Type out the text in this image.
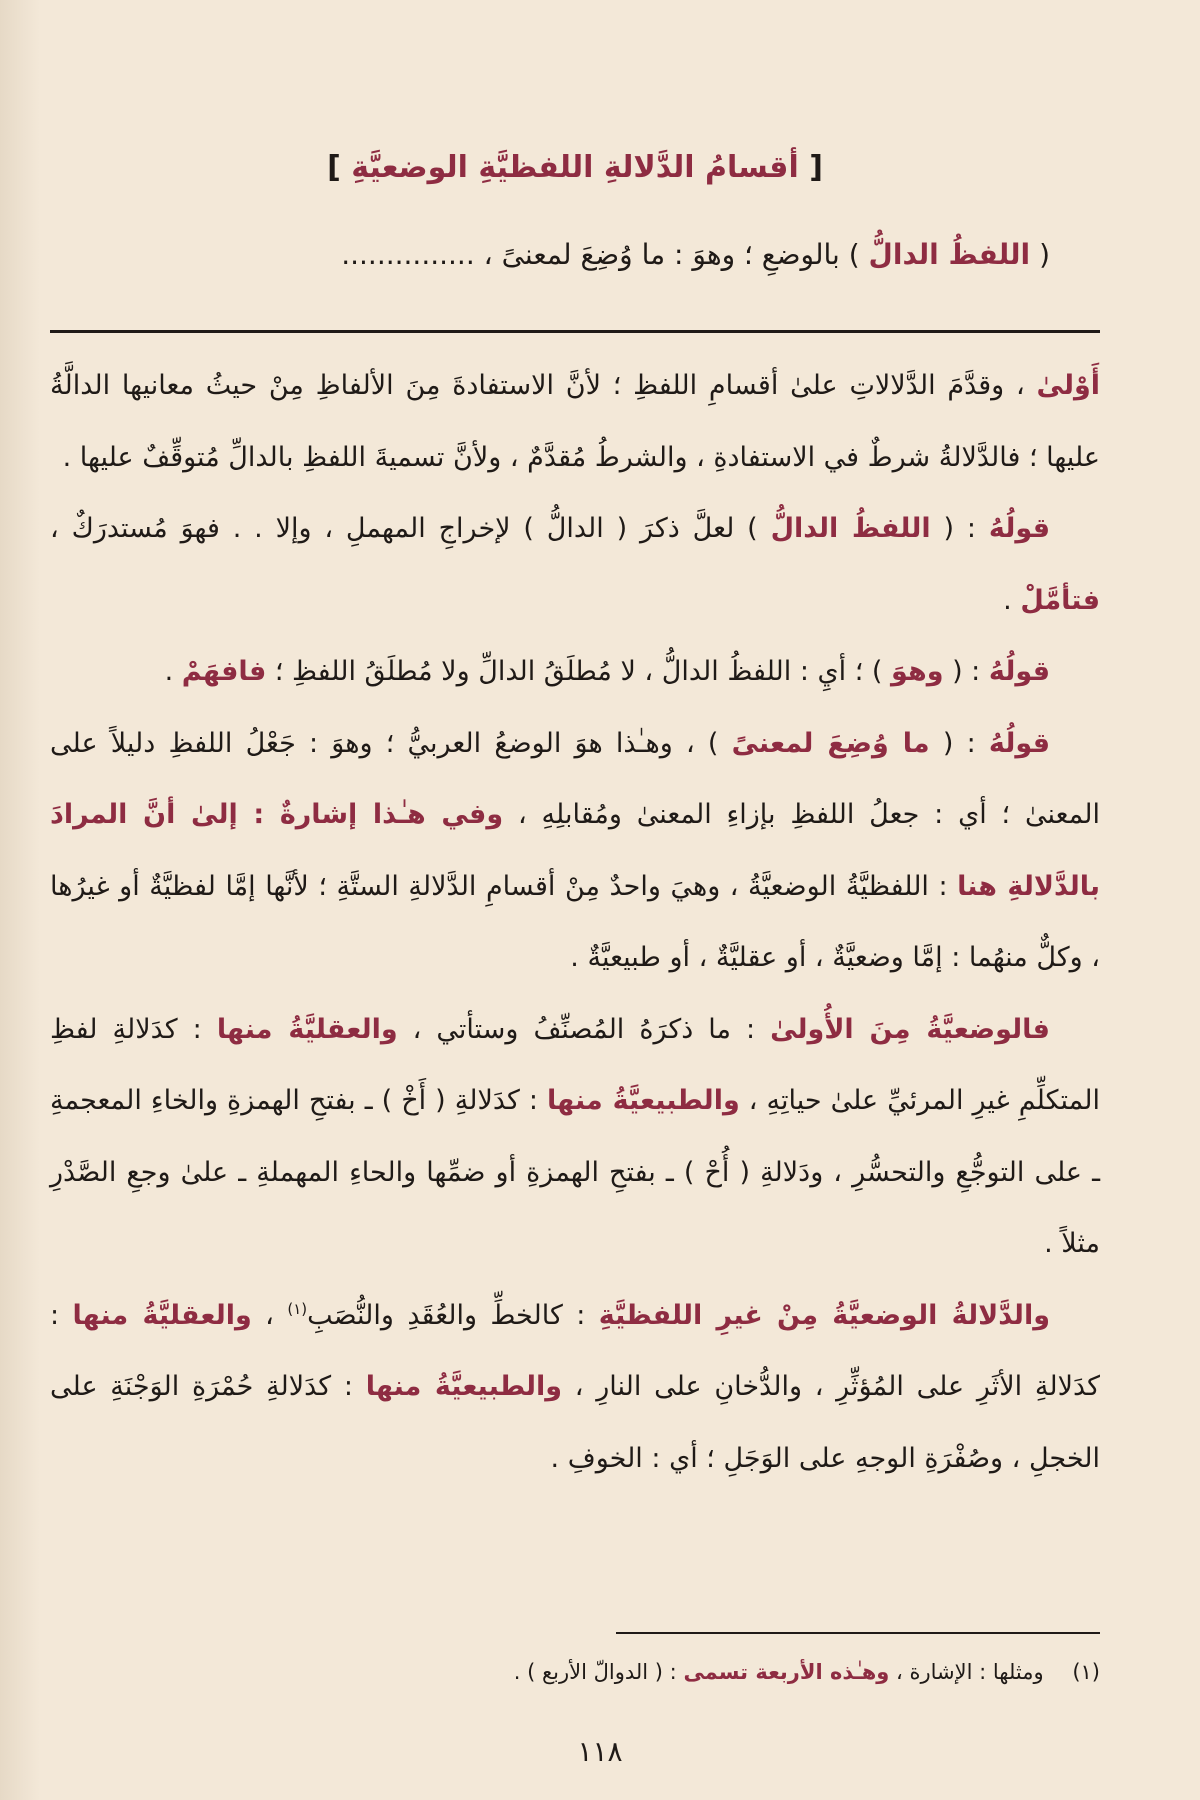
[ أقسامُ الدَّلالةِ اللفظيَّةِ الوضعيَّةِ ]
( اللفظُ الدالُّ ) بالوضعِ ؛ وهوَ : ما وُضِعَ لمعنىً ، ...............

أَوْلىٰ ، وقدَّمَ الدَّلالاتِ علىٰ أقسامِ اللفظِ ؛ لأنَّ الاستفادةَ مِنَ الألفاظِ مِنْ حيثُ معانيها الدالَّةُ عليها ؛ فالدَّلالةُ شرطٌ في الاستفادةِ ، والشرطُ مُقدَّمٌ ، ولأنَّ تسميةَ اللفظِ بالدالِّ مُتوقِّفٌ عليها .

قولُهُ : ( اللفظُ الدالُّ ) لعلَّ ذكرَ ( الدالُّ ) لإخراجِ المهملِ ، وإلا . . فهوَ مُستدرَكٌ ، فتأمَّلْ .

قولُهُ : ( وهوَ ) ؛ أيِ : اللفظُ الدالُّ ، لا مُطلَقُ الدالِّ ولا مُطلَقُ اللفظِ ؛ فافهَمْ .

قولُهُ : ( ما وُضِعَ لمعنىً ) ، وهـٰذا هوَ الوضعُ العربيُّ ؛ وهوَ : جَعْلُ اللفظِ دليلاً على المعنىٰ ؛ أي : جعلُ اللفظِ بإزاءِ المعنىٰ ومُقابلِهِ ، وفي هـٰذا إشارةٌ : إلىٰ أنَّ المرادَ بالدَّلالةِ هنا : اللفظيَّةُ الوضعيَّةُ ، وهيَ واحدٌ مِنْ أقسامِ الدَّلالةِ الستَّةِ ؛ لأنَّها إمَّا لفظيَّةٌ أو غيرُها ، وكلٌّ منهُما : إمَّا وضعيَّةٌ ، أو عقليَّةٌ ، أو طبيعيَّةٌ .

فالوضعيَّةُ مِنَ الأُولىٰ : ما ذكرَهُ المُصنِّفُ وستأتي ، والعقليَّةُ منها : كدَلالةِ لفظِ المتكلِّمِ غيرِ المرئيِّ علىٰ حياتِهِ ، والطبيعيَّةُ منها : كدَلالةِ ( أَخْ ) ـ بفتحِ الهمزةِ والخاءِ المعجمةِ ـ على التوجُّعِ والتحسُّرِ ، ودَلالةِ ( أُحْ ) ـ بفتحِ الهمزةِ أو ضمِّها والحاءِ المهملةِ ـ علىٰ وجعِ الصَّدْرِ مثلاً .

والدَّلالةُ الوضعيَّةُ مِنْ غيرِ اللفظيَّةِ : كالخطِّ والعُقَدِ والنُّصَبِ$^{(١)}$ ، والعقليَّةُ منها : كدَلالةِ الأثَرِ على المُؤثِّرِ ، والدُّخانِ على النارِ ، والطبيعيَّةُ منها : كدَلالةِ حُمْرَةِ الوَجْنَةِ على الخجلِ ، وصُفْرَةِ الوجهِ على الوَجَلِ ؛ أي : الخوفِ .

(١) ومثلها : الإشارة ، وهـٰذه الأربعة تسمى : ( الدوالّ الأربع ) .
١١٨
